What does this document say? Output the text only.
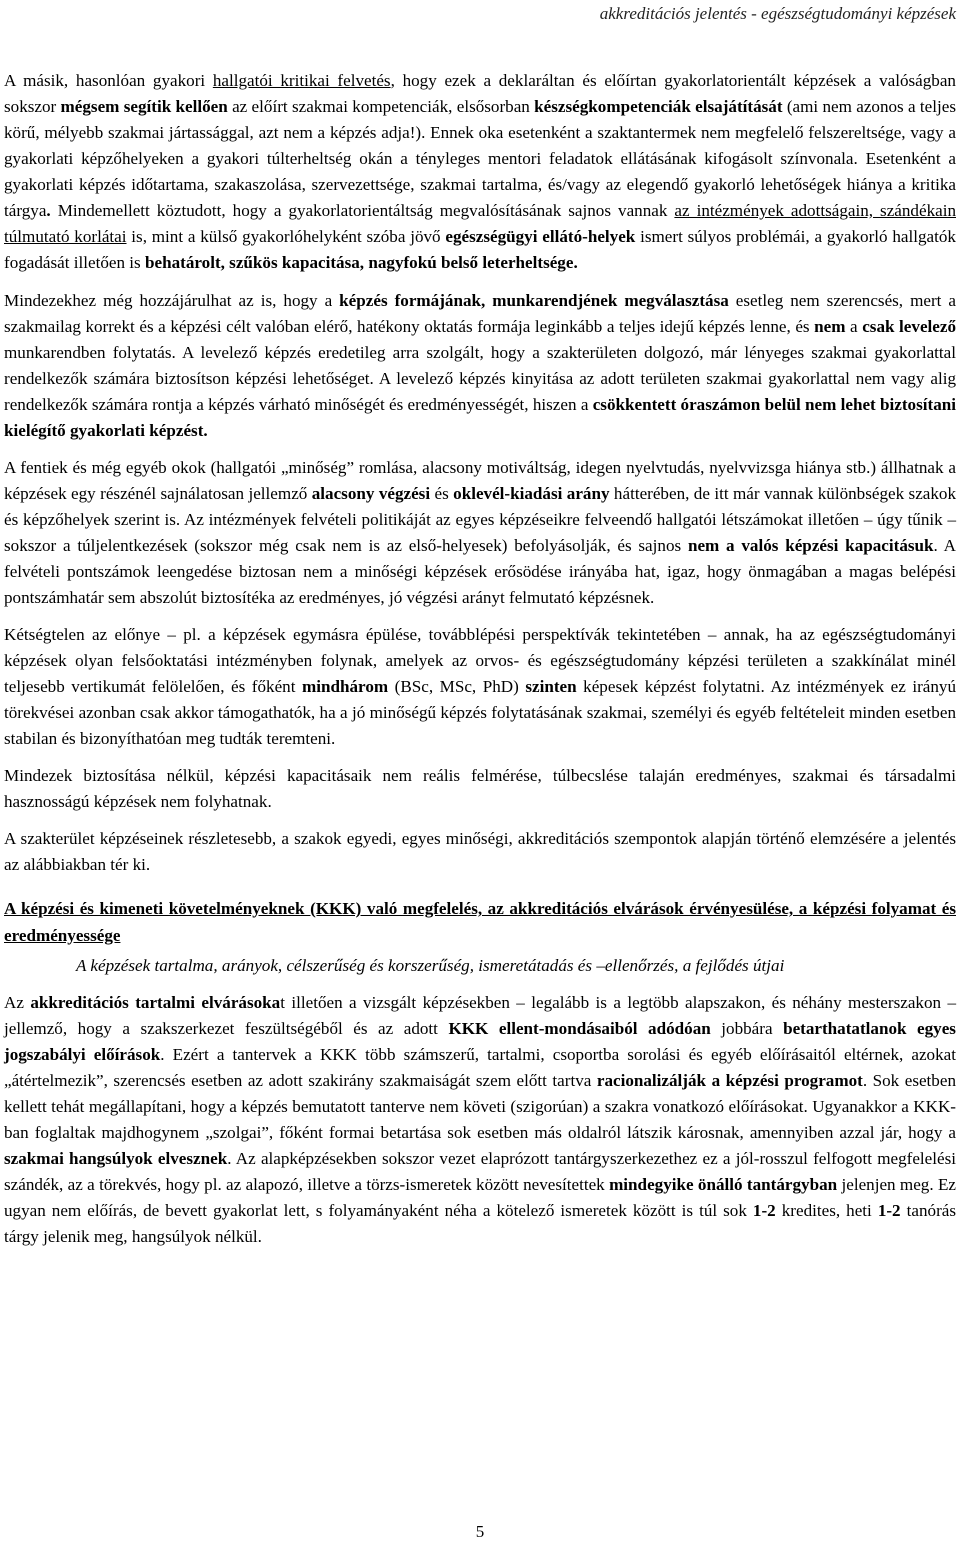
akkreditációs jelentés - egészségtudományi képzések

A másik, hasonlóan gyakori hallgatói kritikai felvetés, hogy ezek a deklaráltan és előírtan gyakorlatorientált képzések a valóságban sokszor mégsem segítik kellően az előírt szakmai kompetenciák, elsősorban készségkompetenciák elsajátítását (ami nem azonos a teljes körű, mélyebb szakmai jártassággal, azt nem a képzés adja!). Ennek oka esetenként a szaktantermek nem megfelelő felszereltsége, vagy a gyakorlati képzőhelyeken a gyakori túlterheltség okán a tényleges mentori feladatok ellátásának kifogásolt színvonala. Esetenként a gyakorlati képzés időtartama, szakaszolása, szervezettsége, szakmai tartalma, és/vagy az elegendő gyakorló lehetőségek hiánya a kritika tárgya. Mindemellett köztudott, hogy a gyakorlatorientáltság megvalósításának sajnos vannak az intézmények adottságain, szándékain túlmutató korlátai is, mint a külső gyakorlóhelyként szóba jövő egészségügyi ellátó-helyek ismert súlyos problémái, a gyakorló hallgatók fogadását illetően is behatárolt, szűkös kapacitása, nagyfokú belső leterheltsége.

Mindezekhez még hozzájárulhat az is, hogy a képzés formájának, munkarendjének megválasztása esetleg nem szerencsés, mert a szakmailag korrekt és a képzési célt valóban elérő, hatékony oktatás formája leginkább a teljes idejű képzés lenne, és nem a csak levelező munkarendben folytatás. A levelező képzés eredetileg arra szolgált, hogy a szakterületen dolgozó, már lényeges szakmai gyakorlattal rendelkezők számára biztosítson képzési lehetőséget. A levelező képzés kinyitása az adott területen szakmai gyakorlattal nem vagy alig rendelkezők számára rontja a képzés várható minőségét és eredményességét, hiszen a csökkentett óraszámon belül nem lehet biztosítani kielégítő gyakorlati képzést.

A fentiek és még egyéb okok (hallgatói „minőség” romlása, alacsony motiváltság, idegen nyelvtudás, nyelvvizsga hiánya stb.) állhatnak a képzések egy részénél sajnálatosan jellemző alacsony végzési és oklevél-kiadási arány hátterében, de itt már vannak különbségek szakok és képzőhelyek szerint is. Az intézmények felvételi politikáját az egyes képzéseikre felveendő hallgatói létszámokat illetően – úgy tűnik – sokszor a túljelentkezések (sokszor még csak nem is az első-helyesek) befolyásolják, és sajnos nem a valós képzési kapacitásuk. A felvételi pontszámok leengedése biztosan nem a minőségi képzések erősödése irányába hat, igaz, hogy önmagában a magas belépési pontszámhatár sem abszolút biztosítéka az eredményes, jó végzési arányt felmutató képzésnek.

Kétségtelen az előnye – pl. a képzések egymásra épülése, továbblépési perspektívák tekintetében – annak, ha az egészségtudományi képzések olyan felsőoktatási intézményben folynak, amelyek az orvos- és egészségtudomány képzési területen a szakkínálat minél teljesebb vertikumát felölelően, és főként mindhárom (BSc, MSc, PhD) szinten képesek képzést folytatni. Az intézmények ez irányú törekvései azonban csak akkor támogathatók, ha a jó minőségű képzés folytatásának szakmai, személyi és egyéb feltételeit minden esetben stabilan és bizonyíthatóan meg tudták teremteni.

Mindezek biztosítása nélkül, képzési kapacitásaik nem reális felmérése, túlbecslése talaján eredményes, szakmai és társadalmi hasznosságú képzések nem folyhatnak.

A szakterület képzéseinek részletesebb, a szakok egyedi, egyes minőségi, akkreditációs szempontok alapján történő elemzésére a jelentés az alábbiakban tér ki.

A képzési és kimeneti követelményeknek (KKK) való megfelelés, az akkreditációs elvárások érvényesülése, a képzési folyamat és eredményessége

A képzések tartalma, arányok, célszerűség és korszerűség, ismeretátadás és –ellenőrzés, a fejlődés útjai

Az akkreditációs tartalmi elvárásokat illetően a vizsgált képzésekben – legalább is a legtöbb alapszakon, és néhány mesterszakon – jellemző, hogy a szakszerkezet feszültségéből és az adott KKK ellent-mondásaiból adódóan jobbára betarthatatlanok egyes jogszabályi előírások. Ezért a tantervek a KKK több számszerű, tartalmi, csoportba sorolási és egyéb előírásaitól eltérnek, azokat „átértelmezik”, szerencsés esetben az adott szakirány szakmaiságát szem előtt tartva racionalizálják a képzési programot. Sok esetben kellett tehát megállapítani, hogy a képzés bemutatott tanterve nem követi (szigorúan) a szakra vonatkozó előírásokat. Ugyanakkor a KKK-ban foglaltak majdhogynem „szolgai”, főként formai betartása sok esetben más oldalról látszik károsnak, amennyiben azzal jár, hogy a szakmai hangsúlyok elvesznek. Az alapképzésekben sokszor vezet elaprózott tantárgyszerkezethez ez a jól-rosszul felfogott megfelelési szándék, az a törekvés, hogy pl. az alapozó, illetve a törzs-ismeretek között nevesítettek mindegyike önálló tantárgyban jelenjen meg. Ez ugyan nem előírás, de bevett gyakorlat lett, s folyamányaként néha a kötelező ismeretek között is túl sok 1-2 kredites, heti 1-2 tanórás tárgy jelenik meg, hangsúlyok nélkül.

5
